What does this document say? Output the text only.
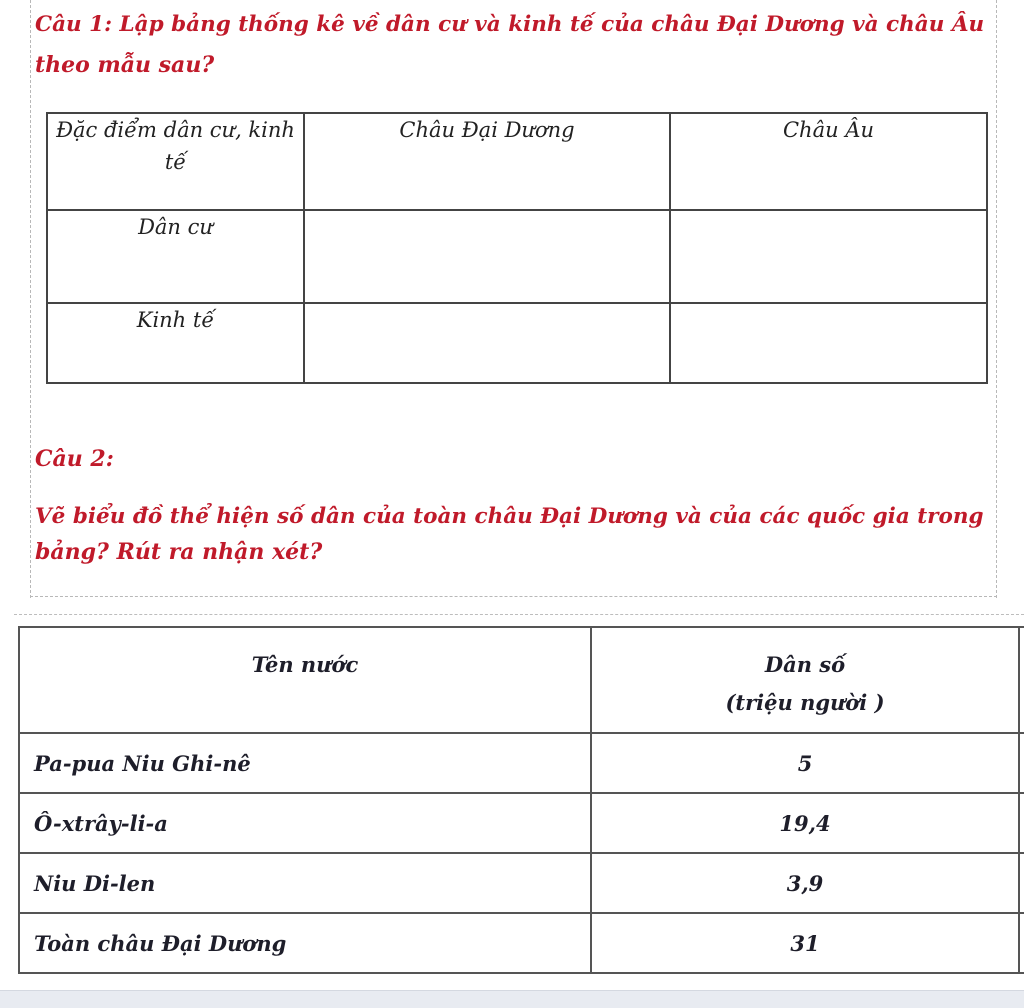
Câu 1: Lập bảng thống kê về dân cư và kinh tế của châu Đại Dương và châu Âu

theo mẫu sau?

Đặc điểm dân cư, kinh tế	Châu Đại Dương	Châu Âu
Dân cư		
Kinh tế		

Câu 2:

Vẽ biểu đồ thể hiện số dân của toàn châu Đại Dương và của các quốc gia trong

bảng? Rút ra nhận xét?

Tên nước	Dân số
(triệu người )	

Pa-pua Niu Ghi-nê	5	
Ô-xtrây-li-a	19,4	
Niu Di-len	3,9	
Toàn châu Đại Dương	31	
